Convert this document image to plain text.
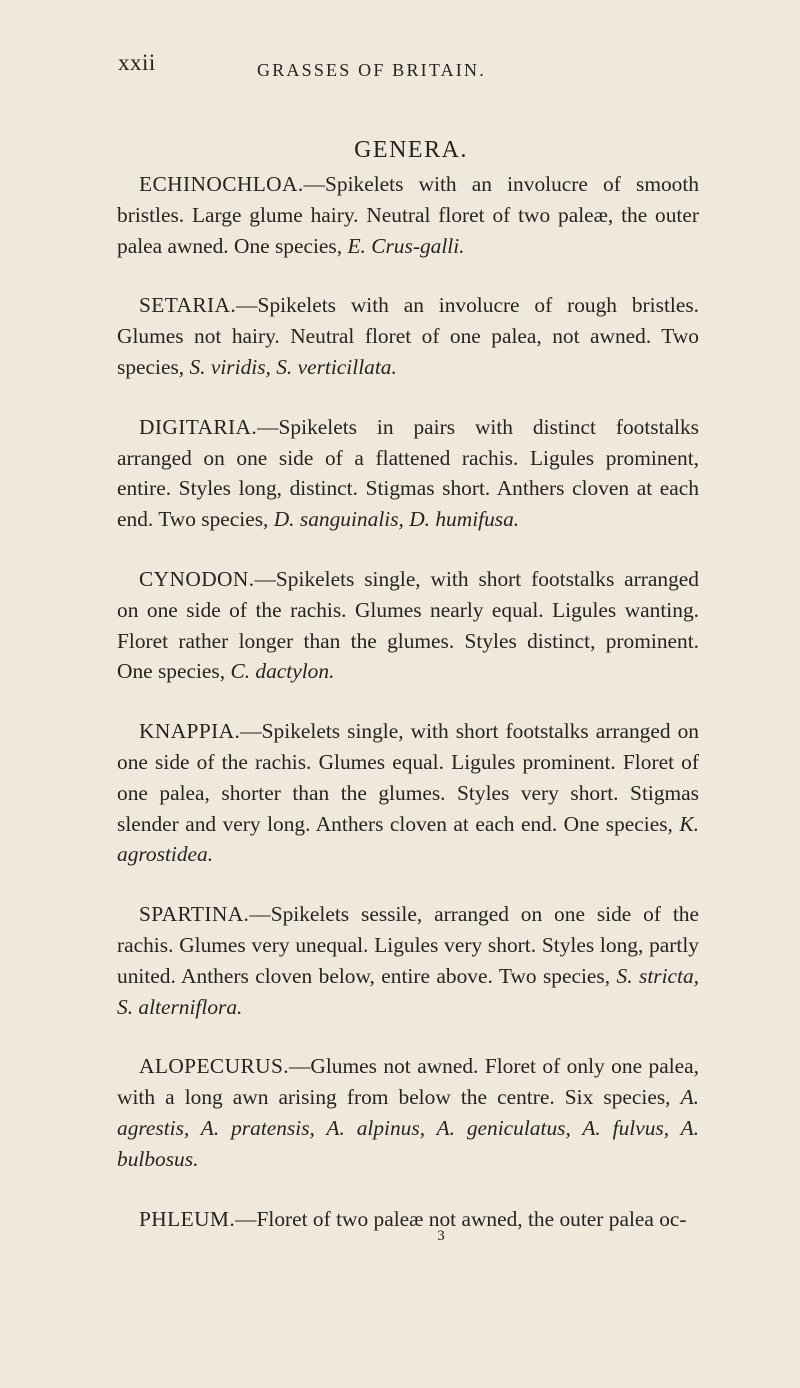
xxii	GRASSES OF BRITAIN.
GENERA.

ECHINOCHLOA.—Spikelets with an involucre of smooth bristles. Large glume hairy. Neutral floret of two paleæ, the outer palea awned. One species, E. Crus-galli.

SETARIA.—Spikelets with an involucre of rough bristles. Glumes not hairy. Neutral floret of one palea, not awned. Two species, S. viridis, S. verticillata.

DIGITARIA.—Spikelets in pairs with distinct footstalks arranged on one side of a flattened rachis. Ligules prominent, entire. Styles long, distinct. Stigmas short. Anthers cloven at each end. Two species, D. sanguinalis, D. humifusa.

CYNODON.—Spikelets single, with short footstalks arranged on one side of the rachis. Glumes nearly equal. Ligules wanting. Floret rather longer than the glumes. Styles distinct, prominent. One species, C. dactylon.

KNAPPIA.—Spikelets single, with short footstalks arranged on one side of the rachis. Glumes equal. Ligules prominent. Floret of one palea, shorter than the glumes. Styles very short. Stigmas slender and very long. Anthers cloven at each end. One species, K. agrostidea.

SPARTINA.—Spikelets sessile, arranged on one side of the rachis. Glumes very unequal. Ligules very short. Styles long, partly united. Anthers cloven below, entire above. Two species, S. stricta, S. alterniflora.

ALOPECURUS.—Glumes not awned. Floret of only one palea, with a long awn arising from below the centre. Six species, A. agrestis, A. pratensis, A. alpinus, A. geniculatus, A. fulvus, A. bulbosus.

PHLEUM.—Floret of two paleæ not awned, the outer palea oc-

3
